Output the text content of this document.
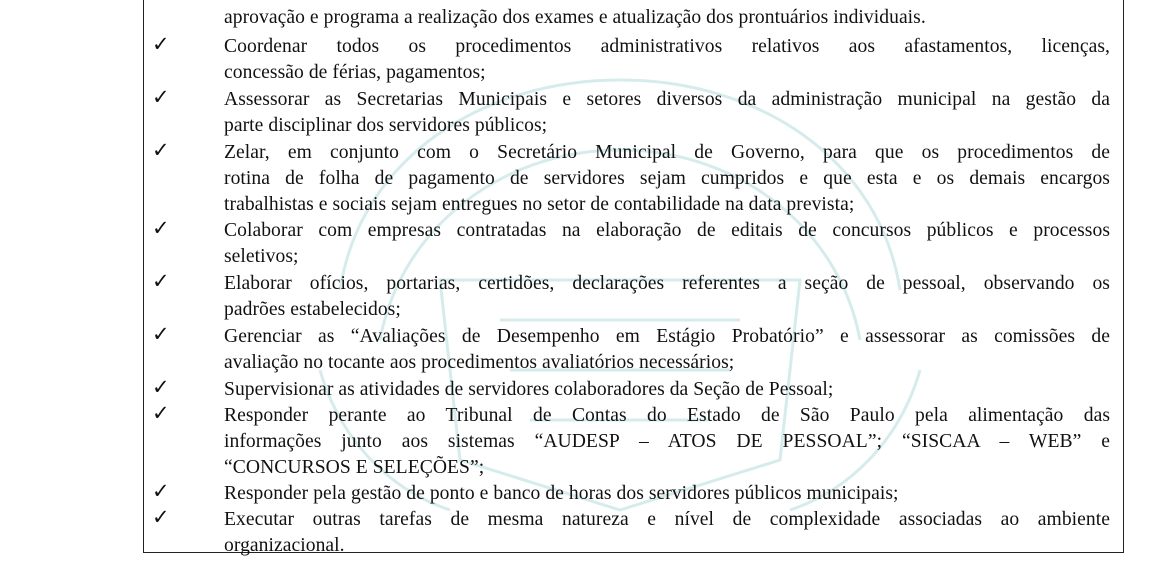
aprovação e programa a realização dos exames e atualização dos prontuários individuais.
✓	Coordenar todos os procedimentos administrativos relativos aos afastamentos, licenças,
concessão de férias, pagamentos;
✓	Assessorar as Secretarias Municipais e setores diversos da administração municipal na gestão da
parte disciplinar dos servidores públicos;
✓	Zelar, em conjunto com o Secretário Municipal de Governo, para que os procedimentos de
rotina de folha de pagamento de servidores sejam cumpridos e que esta e os demais encargos
trabalhistas e sociais sejam entregues no setor de contabilidade na data prevista;
✓	Colaborar com empresas contratadas na elaboração de editais de concursos públicos e processos
seletivos;
✓	Elaborar ofícios, portarias, certidões, declarações referentes a seção de pessoal, observando os
padrões estabelecidos;
✓	Gerenciar as “Avaliações de Desempenho em Estágio Probatório” e assessorar as comissões de
avaliação no tocante aos procedimentos avaliatórios necessários;
✓	Supervisionar as atividades de servidores colaboradores da Seção de Pessoal;
✓	Responder perante ao Tribunal de Contas do Estado de São Paulo pela alimentação das
informações junto aos sistemas “AUDESP – ATOS DE PESSOAL”; “SISCAA – WEB” e
“CONCURSOS E SELEÇÕES”;
✓	Responder pela gestão de ponto e banco de horas dos servidores públicos municipais;
✓	Executar outras tarefas de mesma natureza e nível de complexidade associadas ao ambiente
organizacional.
